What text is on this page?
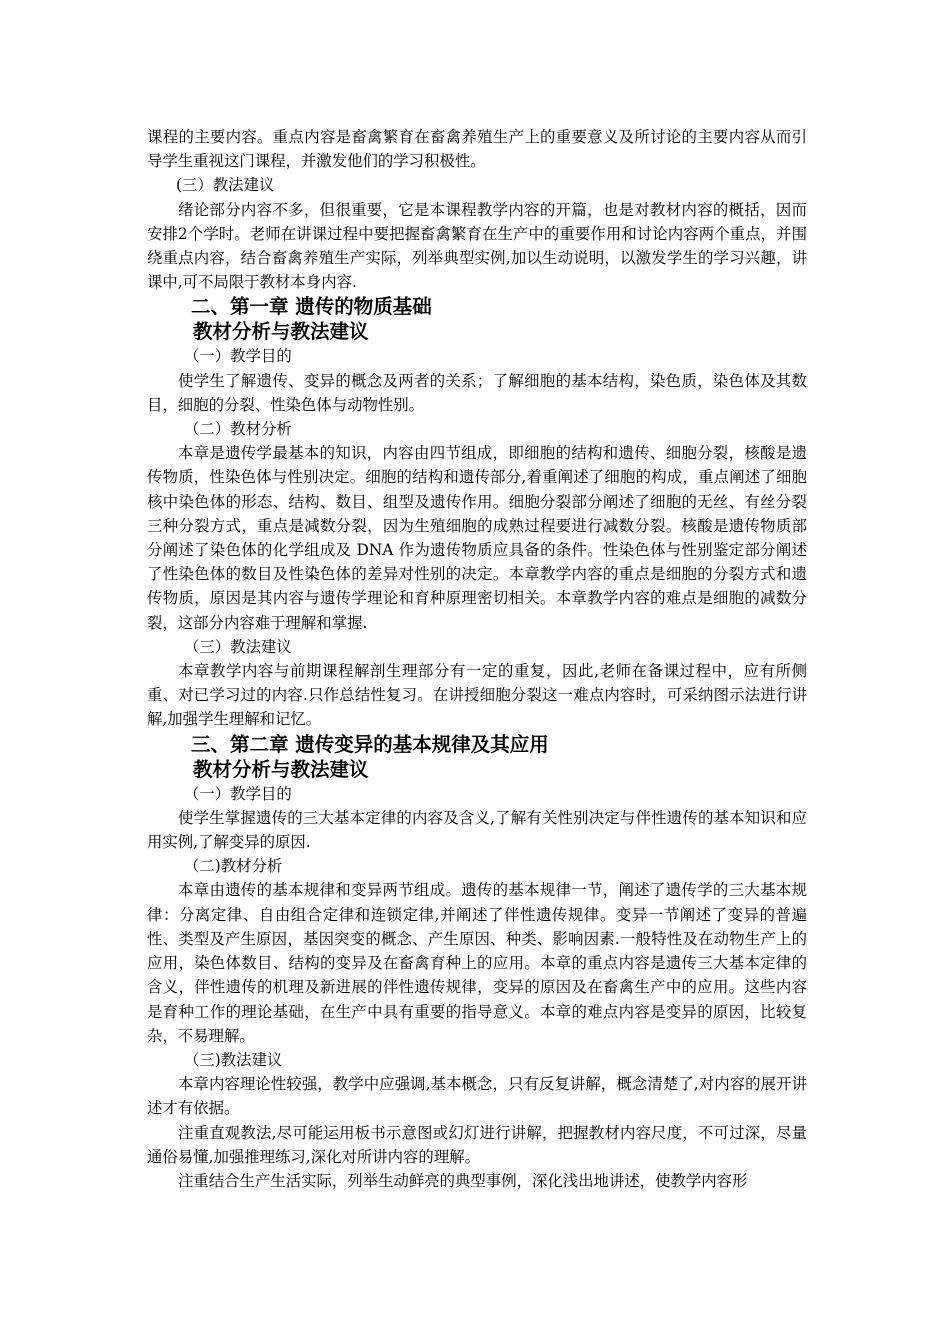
课程的主要内容。重点内容是畜禽繁育在畜禽养殖生产上的重要意义及所讨论的主要内容从而引导学生重视这门课程，并激发他们的学习积极性。

(三）教法建议

绪论部分内容不多，但很重要，它是本课程教学内容的开篇，也是对教材内容的概括，因而安排2个学时。老师在讲课过程中要把握畜禽繁育在生产中的重要作用和讨论内容两个重点，并围绕重点内容，结合畜禽养殖生产实际，列举典型实例,加以生动说明，以激发学生的学习兴趣，讲课中,可不局限于教材本身内容.

二、第一章 遗传的物质基础
教材分析与教法建议

（一）教学目的

使学生了解遗传、变异的概念及两者的关系；了解细胞的基本结构，染色质，染色体及其数目，细胞的分裂、性染色体与动物性别。

（二）教材分析

本章是遗传学最基本的知识，内容由四节组成，即细胞的结构和遗传、细胞分裂，核酸是遗传物质，性染色体与性别决定。细胞的结构和遗传部分,着重阐述了细胞的构成，重点阐述了细胞核中染色体的形态、结构、数目、组型及遗传作用。细胞分裂部分阐述了细胞的无丝、有丝分裂三种分裂方式，重点是减数分裂，因为生殖细胞的成熟过程要进行减数分裂。核酸是遗传物质部分阐述了染色体的化学组成及 DNA 作为遗传物质应具备的条件。性染色体与性别鉴定部分阐述了性染色体的数目及性染色体的差异对性别的决定。本章教学内容的重点是细胞的分裂方式和遗传物质，原因是其内容与遗传学理论和育种原理密切相关。本章教学内容的难点是细胞的减数分裂，这部分内容难于理解和掌握.

（三）教法建议

本章教学内容与前期课程解剖生理部分有一定的重复，因此,老师在备课过程中，应有所侧重、对已学习过的内容.只作总结性复习。在讲授细胞分裂这一难点内容时，可采纳图示法进行讲解,加强学生理解和记忆。

三、第二章 遗传变异的基本规律及其应用
教材分析与教法建议

（一）教学目的

使学生掌握遗传的三大基本定律的内容及含义,了解有关性别决定与伴性遗传的基本知识和应用实例,了解变异的原因.

（二)教材分析

本章由遗传的基本规律和变异两节组成。遗传的基本规律一节，阐述了遗传学的三大基本规律：分离定律、自由组合定律和连锁定律,并阐述了伴性遗传规律。变异一节阐述了变异的普遍性、类型及产生原因，基因突变的概念、产生原因、种类、影响因素.一般特性及在动物生产上的应用，染色体数目、结构的变异及在畜禽育种上的应用。本章的重点内容是遗传三大基本定律的含义，伴性遗传的机理及新进展的伴性遗传规律，变异的原因及在畜禽生产中的应用。这些内容是育种工作的理论基础，在生产中具有重要的指导意义。本章的难点内容是变异的原因，比较复杂，不易理解。

（三)教法建议

本章内容理论性较强，教学中应强调,基本概念，只有反复讲解，概念清楚了,对内容的展开讲述才有依据。

注重直观教法,尽可能运用板书示意图或幻灯进行讲解，把握教材内容尺度，不可过深，尽量通俗易懂,加强推理练习,深化对所讲内容的理解。

注重结合生产生活实际，列举生动鲜亮的典型事例，深化浅出地讲述，使教学内容形
